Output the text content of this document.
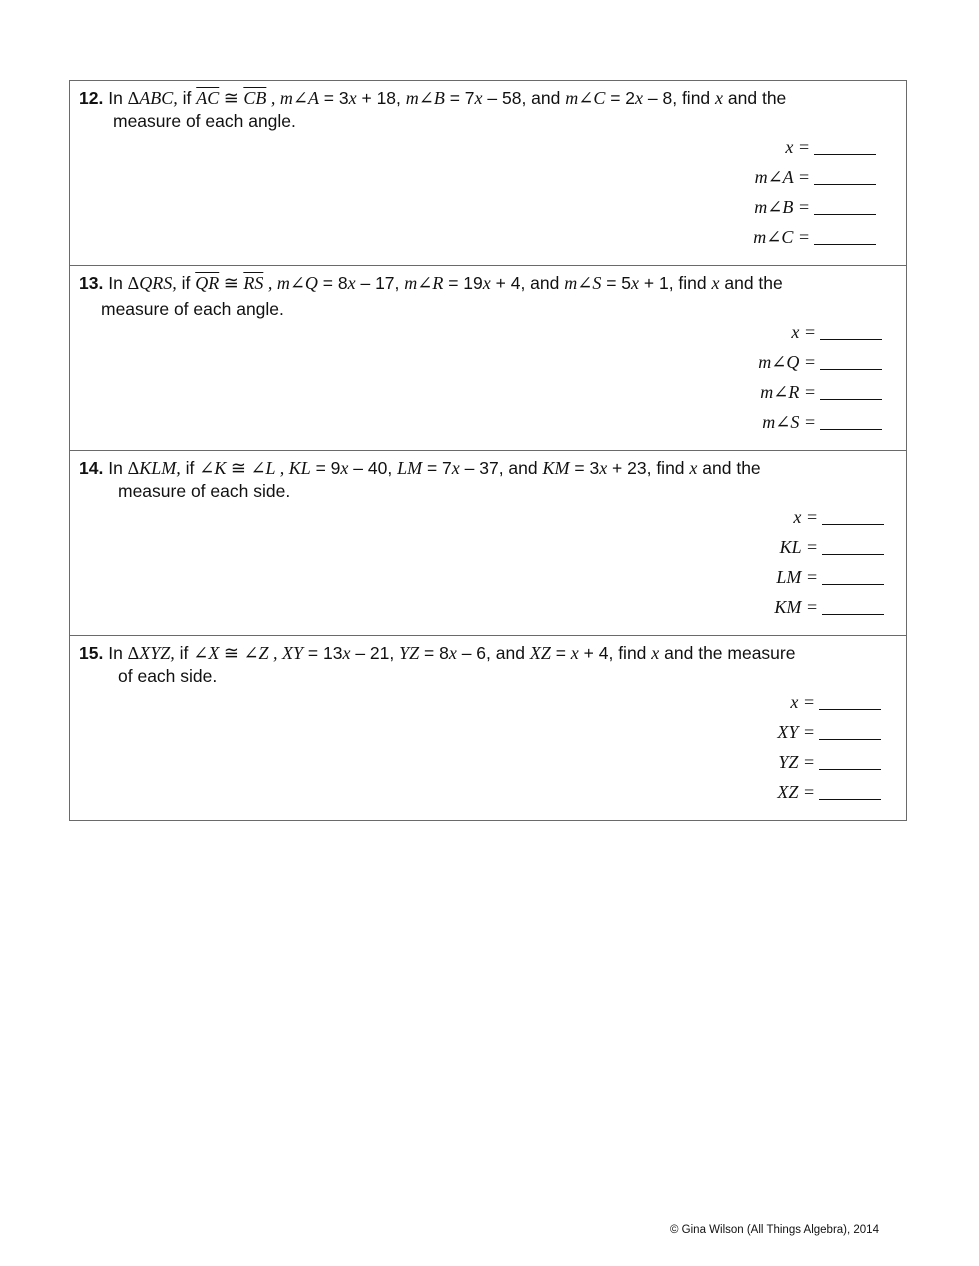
12. In ΔABC, if $\overline{AC}$ ≅ $\overline{CB}$ , m∠A = 3x + 18, m∠B = 7x – 58, and m∠C = 2x – 8, find x and the
measure of each angle.
x =
m∠A =
m∠B =
m∠C =
13. In ΔQRS, if $\overline{QR}$ ≅ $\overline{RS}$ , m∠Q = 8x – 17, m∠R = 19x + 4, and m∠S = 5x + 1, find x and the
measure of each angle.
x =
m∠Q =
m∠R =
m∠S =
14. In ΔKLM, if ∠K ≅ ∠L , KL = 9x – 40, LM = 7x – 37, and KM = 3x + 23, find x and the
measure of each side.
x =
KL =
LM =
KM =
15. In ΔXYZ, if ∠X ≅ ∠Z , XY = 13x – 21, YZ = 8x – 6, and XZ = x + 4, find x and the measure
of each side.
x =
XY =
YZ =
XZ =
© Gina Wilson (All Things Algebra), 2014
